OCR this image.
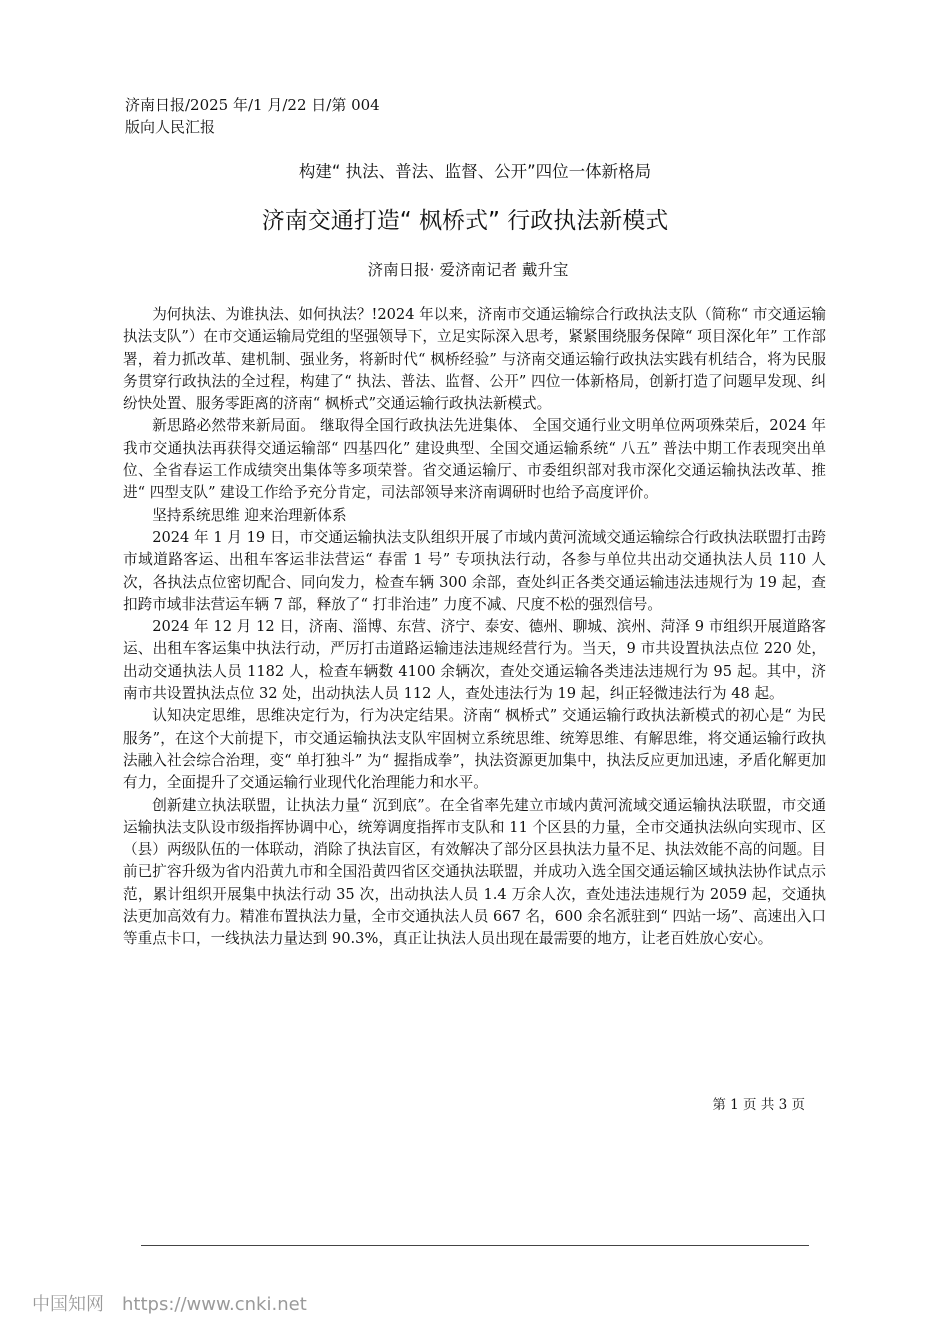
济南日报/2025 年/1 月/22 日/第 004
版向人民汇报
构建“ 执法、普法、监督、公开”四位一体新格局
济南交通打造“ 枫桥式” 行政执法新模式
济南日报· 爱济南记者 戴升宝

为何执法、为谁执法、如何执法？!2024 年以来，济南市交通运输综合行政执法支队（简称“ 市交通运输执法支队”）在市交通运输局党组的坚强领导下，立足实际深入思考，紧紧围绕服务保障“ 项目深化年” 工作部署，着力抓改革、建机制、强业务，将新时代“ 枫桥经验” 与济南交通运输行政执法实践有机结合，将为民服务贯穿行政执法的全过程，构建了“ 执法、普法、监督、公开” 四位一体新格局，创新打造了问题早发现、纠纷快处置、服务零距离的济南“ 枫桥式”交通运输行政执法新模式。

新思路必然带来新局面。 继取得全国行政执法先进集体、 全国交通行业文明单位两项殊荣后，2024 年我市交通执法再获得交通运输部“ 四基四化” 建设典型、全国交通运输系统“ 八五” 普法中期工作表现突出单位、全省春运工作成绩突出集体等多项荣誉。省交通运输厅、市委组织部对我市深化交通运输执法改革、推进“ 四型支队” 建设工作给予充分肯定，司法部领导来济南调研时也给予高度评价。

坚持系统思维 迎来治理新体系

2024 年 1 月 19 日，市交通运输执法支队组织开展了市域内黄河流域交通运输综合行政执法联盟打击跨市域道路客运、出租车客运非法营运“ 春雷 1 号” 专项执法行动，各参与单位共出动交通执法人员 110 人次，各执法点位密切配合、同向发力，检查车辆 300 余部，查处纠正各类交通运输违法违规行为 19 起，查扣跨市域非法营运车辆 7 部，释放了“ 打非治违” 力度不减、尺度不松的强烈信号。

2024 年 12 月 12 日，济南、淄博、东营、济宁、泰安、德州、聊城、滨州、菏泽 9 市组织开展道路客运、出租车客运集中执法行动，严厉打击道路运输违法违规经营行为。当天，9 市共设置执法点位 220 处，出动交通执法人员 1182 人，检查车辆数 4100 余辆次，查处交通运输各类违法违规行为 95 起。其中，济南市共设置执法点位 32 处，出动执法人员 112 人，查处违法行为 19 起，纠正轻微违法行为 48 起。

认知决定思维，思维决定行为，行为决定结果。济南“ 枫桥式” 交通运输行政执法新模式的初心是“ 为民服务”，在这个大前提下，市交通运输执法支队牢固树立系统思维、统筹思维、有解思维，将交通运输行政执法融入社会综合治理，变“ 单打独斗” 为“ 握指成拳”，执法资源更加集中，执法反应更加迅速，矛盾化解更加有力，全面提升了交通运输行业现代化治理能力和水平。

创新建立执法联盟，让执法力量“ 沉到底”。在全省率先建立市域内黄河流域交通运输执法联盟，市交通运输执法支队设市级指挥协调中心，统筹调度指挥市支队和 11 个区县的力量，全市交通执法纵向实现市、区（县）两级队伍的一体联动，消除了执法盲区，有效解决了部分区县执法力量不足、执法效能不高的问题。目前已扩容升级为省内沿黄九市和全国沿黄四省区交通执法联盟，并成功入选全国交通运输区域执法协作试点示范，累计组织开展集中执法行动 35 次，出动执法人员 1.4 万余人次，查处违法违规行为 2059 起，交通执法更加高效有力。精准布置执法力量，全市交通执法人员 667 名，600 余名派驻到“ 四站一场”、高速出入口等重点卡口，一线执法力量达到 90.3%，真正让执法人员出现在最需要的地方，让老百姓放心安心。

第 1 页 共 3 页
中国知网 https://www.cnki.net
